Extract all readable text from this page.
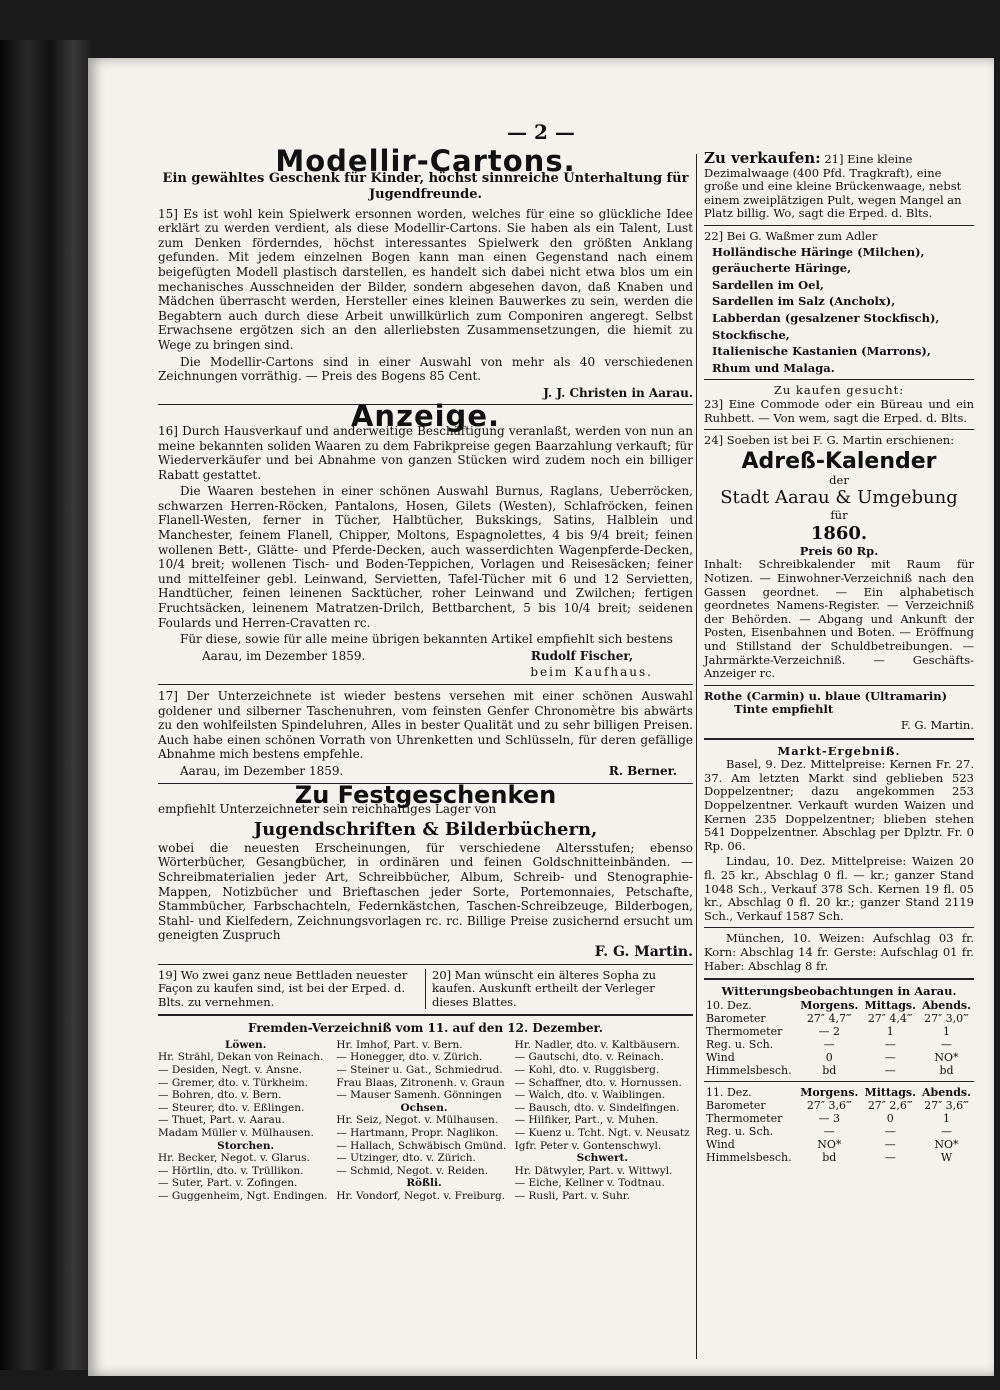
— 2 —
Modellir-Cartons.
Ein gewähltes Geschenk für Kinder, höchst sinnreiche Unterhaltung für Jugendfreunde.

15] Es ist wohl kein Spielwerk ersonnen worden, welches für eine so glückliche Idee erklärt zu werden verdient, als diese Modellir-Cartons. Sie haben als ein Talent, Lust zum Denken förderndes, höchst interessantes Spielwerk den größten Anklang gefunden. Mit jedem einzelnen Bogen kann man einen Gegenstand nach einem beigefügten Modell plastisch darstellen, es handelt sich dabei nicht etwa blos um ein mechanisches Ausschneiden der Bilder, sondern abgesehen davon, daß Knaben und Mädchen überrascht werden, Hersteller eines kleinen Bauwerkes zu sein, werden die Begabtern auch durch diese Arbeit unwillkürlich zum Componiren angeregt. Selbst Erwachsene ergötzen sich an den allerliebsten Zusammensetzungen, die hiemit zu Wege zu bringen sind.

Die Modellir-Cartons sind in einer Auswahl von mehr als 40 verschiedenen Zeichnungen vorräthig. — Preis des Bogens 85 Cent.

J. J. Christen in Aarau.
Anzeige.

16] Durch Hausverkauf und anderweitige Beschäftigung veranlaßt, werden von nun an meine bekannten soliden Waaren zu dem Fabrikpreise gegen Baarzahlung verkauft; für Wiederverkäufer und bei Abnahme von ganzen Stücken wird zudem noch ein billiger Rabatt gestattet.

Die Waaren bestehen in einer schönen Auswahl Burnus, Raglans, Ueberröcken, schwarzen Herren-Röcken, Pantalons, Hosen, Gilets (Westen), Schlafröcken, feinen Flanell-Westen, ferner in Tücher, Halbtücher, Bukskings, Satins, Halblein und Manchester, feinem Flanell, Chipper, Moltons, Espagnolettes, 4 bis 9/4 breit; feinen wollenen Bett-, Glätte- und Pferde-Decken, auch wasserdichten Wagenpferde-Decken, 10/4 breit; wollenen Tisch- und Boden-Teppichen, Vorlagen und Reisesäcken; feiner und mittelfeiner gebl. Leinwand, Servietten, Tafel-Tücher mit 6 und 12 Servietten, Handtücher, feinen leinenen Sacktücher, roher Leinwand und Zwilchen; fertigen Fruchtsäcken, leinenem Matratzen-Drilch, Bettbarchent, 5 bis 10/4 breit; seidenen Foulards und Herren-Cravatten rc.

Für diese, sowie für alle meine übrigen bekannten Artikel empfiehlt sich bestens

Aarau, im Dezember 1859.	Rudolf Fischer,
beim Kaufhaus.

17] Der Unterzeichnete ist wieder bestens versehen mit einer schönen Auswahl goldener und silberner Taschenuhren, vom feinsten Genfer Chronomètre bis abwärts zu den wohlfeilsten Spindeluhren, Alles in bester Qualität und zu sehr billigen Preisen. Auch habe einen schönen Vorrath von Uhrenketten und Schlüsseln, für deren gefällige Abnahme mich bestens empfehle.

Aarau, im Dezember 1859.	R. Berner.
Zu Festgeschenken

empfiehlt Unterzeichneter sein reichhaltiges Lager von

Jugendschriften & Bilderbüchern,

wobei die neuesten Erscheinungen, für verschiedene Altersstufen; ebenso Wörterbücher, Gesangbücher, in ordinären und feinen Goldschnitteinbänden. — Schreibmaterialien jeder Art, Schreibbücher, Album, Schreib- und Stenographie-Mappen, Notizbücher und Brieftaschen jeder Sorte, Portemonnaies, Petschafte, Stammbücher, Farbschachteln, Federnkästchen, Taschen-Schreibzeuge, Bilderbogen, Stahl- und Kielfedern, Zeichnungsvorlagen rc. rc. Billige Preise zusichernd ersucht um geneigten Zuspruch

F. G. Martin.
19] Wo zwei ganz neue Bettladen neuester Façon zu kaufen sind, ist bei der Erped. d. Blts. zu vernehmen.
20] Man wünscht ein älteres Sopha zu kaufen. Auskunft ertheilt der Verleger dieses Blattes.
Fremden-Verzeichniß vom 11. auf den 12. Dezember.
Löwen.
Hr. Strähl, Dekan von Reinach.
— Desiden, Negt. v. Ansne.
— Gremer, dto. v. Türkheim.
— Bohren, dto. v. Bern.
— Steurer, dto. v. Eßlingen.
— Thuet, Part. v. Aarau.
Madam Müller v. Mülhausen.
Storchen.
Hr. Becker, Negot. v. Glarus.
— Hörtlin, dto. v. Trüllikon.
— Suter, Part. v. Zofingen.
— Guggenheim, Ngt. Endingen.
Hr. Imhof, Part. v. Bern.
— Honegger, dto. v. Zürich.
— Steiner u. Gat., Schmiedrud.
Frau Blaas, Zitronenh. v. Graun
— Mauser Samenh. Gönningen
Ochsen.
Hr. Seiz, Negot. v. Mülhausen.
— Hartmann, Propr. Naglikon.
— Hallach, Schwäbisch Gmünd.
— Utzinger, dto. v. Zürich.
— Schmid, Negot. v. Reiden.
Rößli.
Hr. Vondorf, Negot. v. Freiburg.
Hr. Nadler, dto. v. Kaltbäusern.
— Gautschi, dto. v. Reinach.
— Kohl, dto. v. Ruggisberg.
— Schaffner, dto. v. Hornussen.
— Walch, dto. v. Waiblingen.
— Bausch, dto. v. Sindelfingen.
— Hilfiker, Part., v. Muhen.
— Kuenz u. Tcht. Ngt. v. Neusatz
Igfr. Peter v. Gontenschwyl.
Schwert.
Hr. Dätwyler, Part. v. Wittwyl.
— Eiche, Kellner v. Todtnau.
— Rusli, Part. v. Suhr.
Zu verkaufen: 21] Eine kleine Dezimalwaage (400 Pfd. Tragkraft), eine große und eine kleine Brückenwaage, nebst einem zweiplätzigen Pult, wegen Mangel an Platz billig. Wo, sagt die Erped. d. Blts.

22] Bei G. Waßmer zum Adler

Holländische Häringe (Milchen),

geräucherte Häringe,

Sardellen im Oel,

Sardellen im Salz (Ancholx),

Labberdan (gesalzener Stockfisch),

Stockfische,

Italienische Kastanien (Marrons),

Rhum und Malaga.

Zu kaufen gesucht:

23] Eine Commode oder ein Büreau und ein Ruhbett. — Von wem, sagt die Erped. d. Blts.

24] Soeben ist bei F. G. Martin erschienen:

Adreß-Kalender
der
Stadt Aarau & Umgebung
für
1860.
Preis 60 Rp.

Inhalt: Schreibkalender mit Raum für Notizen. — Einwohner-Verzeichniß nach den Gassen geordnet. — Ein alphabetisch geordnetes Namens-Register. — Verzeichniß der Behörden. — Abgang und Ankunft der Posten, Eisenbahnen und Boten. — Eröffnung und Stillstand der Schuldbetreibungen. — Jahrmärkte-Verzeichniß. — Geschäfts-Anzeiger rc.

Rothe (Carmin) u. blaue (Ultramarin)
Tinte empfiehlt
F. G. Martin.
Markt-Ergebniß.

Basel, 9. Dez. Mittelpreise: Kernen Fr. 27. 37. Am letzten Markt sind geblieben 523 Doppelzentner; dazu angekommen 253 Doppelzentner. Verkauft wurden Waizen und Kernen 235 Doppelzentner; blieben stehen 541 Doppelzentner. Abschlag per Dplztr. Fr. 0 Rp. 06.

Lindau, 10. Dez. Mittelpreise: Waizen 20 fl. 25 kr., Abschlag 0 fl. — kr.; ganzer Stand 1048 Sch., Verkauf 378 Sch. Kernen 19 fl. 05 kr., Abschlag 0 fl. 20 kr.; ganzer Stand 2119 Sch., Verkauf 1587 Sch.

München, 10. Weizen: Aufschlag 03 fr. Korn: Abschlag 14 fr. Gerste: Aufschlag 01 fr. Haber: Abschlag 8 fr.

Witterungsbeobachtungen in Aarau.
10. Dez.	Morgens.	Mittags.	Abends.
Barometer	27″ 4,7‴	27″ 4,4‴	27″ 3,0‴
Thermometer	— 2	1	1
Reg. u. Sch.	—	—	—
Wind	0	—	NO*
Himmelsbesch.	bd	—	bd
11. Dez.	Morgens.	Mittags.	Abends.
Barometer	27″ 3,6‴	27″ 2,6‴	27″ 3,6‴
Thermometer	— 3	0	1
Reg. u. Sch.	—	—	—
Wind	NO*	—	NO*
Himmelsbesch.	bd	—	W
